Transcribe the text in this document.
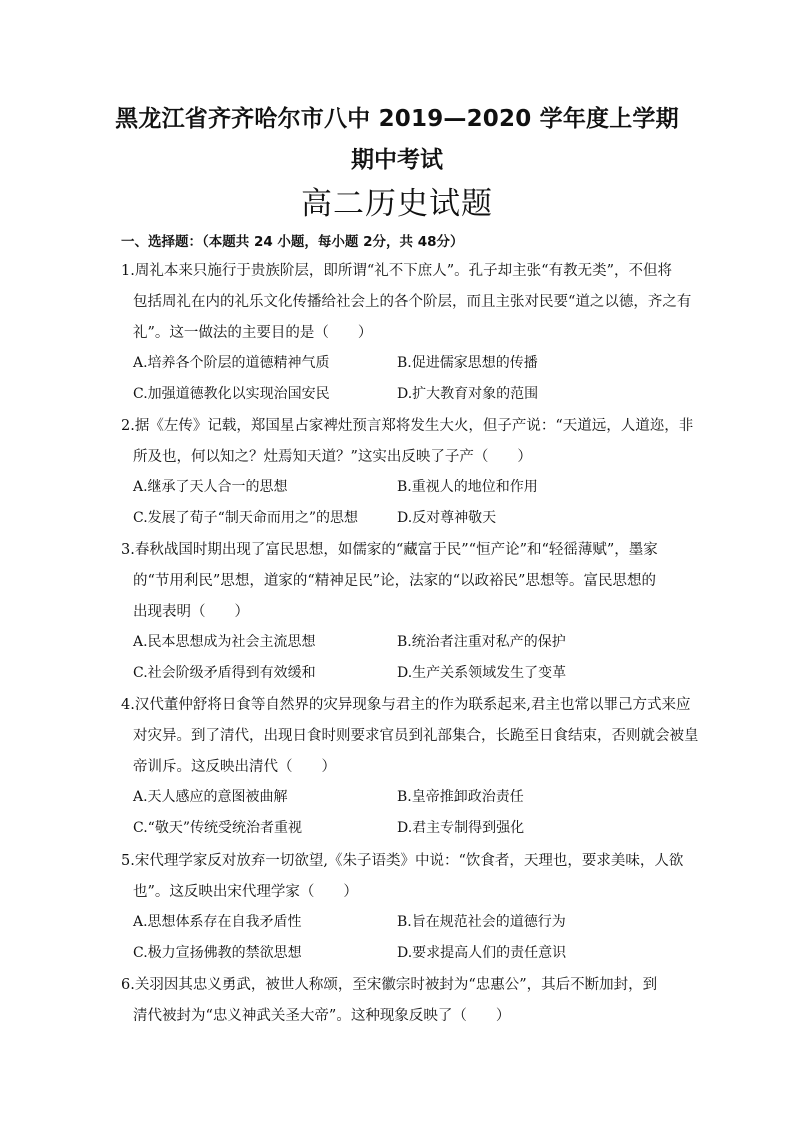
黑龙江省齐齐哈尔市八中 2019—2020 学年度上学期
期中考试
高二历史试题
一、选择题：（本题共 24 小题，每小题 2分，共 48分）
1.周礼本来只施行于贵族阶层，即所谓“礼不下庶人”。孔子却主张“有教无类”，不但将
包括周礼在内的礼乐文化传播给社会上的各个阶层，而且主张对民要“道之以德，齐之有
礼”。这一做法的主要目的是（　　）
A.培养各个阶层的道德精神气质	B.促进儒家思想的传播
C.加强道德教化以实现治国安民	D.扩大教育对象的范围
2.据《左传》记载，郑国星占家裨灶预言郑将发生大火，但子产说：“天道远，人道迩，非
所及也，何以知之？灶焉知天道？”这实出反映了子产（　　）
A.继承了天人合一的思想	B.重视人的地位和作用
C.发展了荀子“制天命而用之”的思想	D.反对尊神敬天
3.春秋战国时期出现了富民思想，如儒家的“藏富于民”“恒产论”和“轻徭薄赋”，墨家
的“节用利民”思想，道家的“精神足民”论，法家的“以政裕民”思想等。富民思想的
出现表明（　　）
A.民本思想成为社会主流思想	B.统治者注重对私产的保护
C.社会阶级矛盾得到有效缓和	D.生产关系领域发生了变革
4.汉代董仲舒将日食等自然界的灾异现象与君主的作为联系起来,君主也常以罪己方式来应
对灾异。到了清代，出现日食时则要求官员到礼部集合，长跪至日食结束，否则就会被皇
帝训斥。这反映出清代（　　）
A.天人感应的意图被曲解	B.皇帝推卸政治责任
C.“敬天”传统受统治者重视	D.君主专制得到强化
5.宋代理学家反对放弃一切欲望,《朱子语类》中说：“饮食者，天理也，要求美味，人欲
也”。这反映出宋代理学家（　　）
A.思想体系存在自我矛盾性	B.旨在规范社会的道德行为
C.极力宣扬佛教的禁欲思想	D.要求提高人们的责任意识
6.关羽因其忠义勇武，被世人称颂，至宋徽宗时被封为“忠惠公”，其后不断加封，到
清代被封为“忠义神武关圣大帝”。这种现象反映了（　　）
